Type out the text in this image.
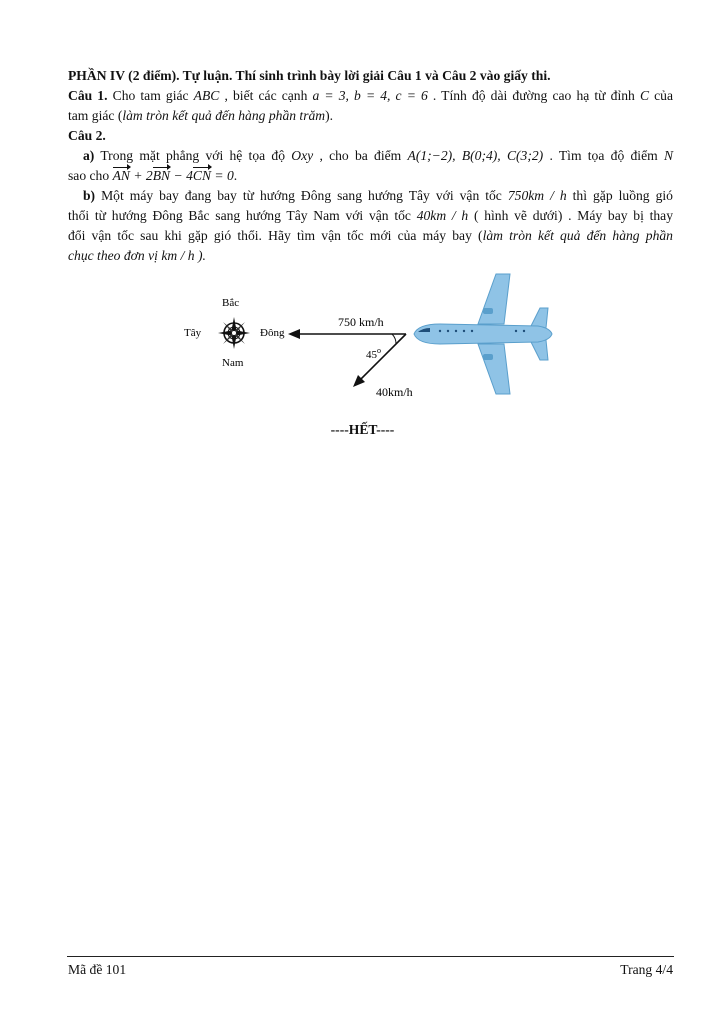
PHẦN IV (2 điểm). Tự luận. Thí sinh trình bày lời giải Câu 1 và Câu 2 vào giấy thi.
Câu 1. Cho tam giác ABC , biết các cạnh a = 3, b = 4, c = 6 . Tính độ dài đường cao hạ từ đỉnh C của
tam giác (làm tròn kết quả đến hàng phần trăm).
Câu 2.
a) Trong mặt phẳng với hệ tọa độ Oxy , cho ba điểm A(1;−2), B(0;4), C(3;2) . Tìm tọa độ điểm N
sao cho AN + 2BN − 4CN = 0.
b) Một máy bay đang bay từ hướng Đông sang hướng Tây với vận tốc 750km / h thì gặp luồng gió
thổi từ hướng Đông Bắc sang hướng Tây Nam với vận tốc 40km / h ( hình vẽ dưới) . Máy bay bị thay
đổi vận tốc sau khi gặp gió thổi. Hãy tìm vận tốc mới của máy bay (làm tròn kết quả đến hàng phần
chục theo đơn vị km / h ).
Bắc
Tây	Đông
Nam
750 km/h
45$^o$
40km/h
----HẾT----
Mã đề 101	Trang 4/4
